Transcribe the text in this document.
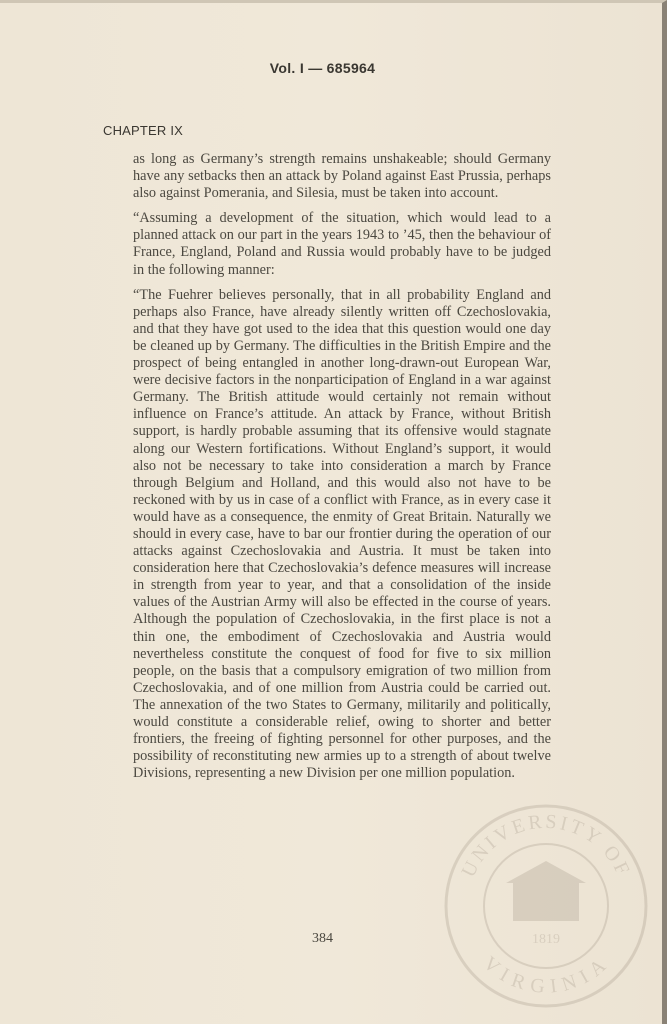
Vol. I — 685964
CHAPTER IX

as long as Germany’s strength remains unshakeable; should Germany have any setbacks then an attack by Poland against East Prussia, perhaps also against Pomerania, and Silesia, must be taken into account.

“Assuming a development of the situation, which would lead to a planned attack on our part in the years 1943 to ’45, then the behaviour of France, England, Poland and Russia would probably have to be judged in the following manner:

“The Fuehrer believes personally, that in all probability England and perhaps also France, have already silently written off Czechoslovakia, and that they have got used to the idea that this question would one day be cleaned up by Germany. The difficulties in the British Empire and the prospect of being entangled in another long-drawn-out European War, were decisive factors in the nonparticipation of England in a war against Germany. The British attitude would certainly not remain without influence on France’s attitude. An attack by France, without British support, is hardly probable assuming that its offensive would stagnate along our Western fortifications. Without England’s support, it would also not be necessary to take into consideration a march by France through Belgium and Holland, and this would also not have to be reckoned with by us in case of a conflict with France, as in every case it would have as a consequence, the enmity of Great Britain. Naturally we should in every case, have to bar our frontier during the operation of our attacks against Czechoslovakia and Austria. It must be taken into consideration here that Czechoslovakia’s defence measures will increase in strength from year to year, and that a consolidation of the inside values of the Austrian Army will also be effected in the course of years. Although the population of Czechoslovakia, in the first place is not a thin one, the embodiment of Czechoslovakia and Austria would nevertheless constitute the conquest of food for five to six million people, on the basis that a compulsory emigration of two million from Czechoslovakia, and of one million from Austria could be carried out. The annexation of the two States to Germany, militarily and politically, would constitute a considerable relief, owing to shorter and better frontiers, the freeing of fighting personnel for other purposes, and the possibility of reconstituting new armies up to a strength of about twelve Divisions, representing a new Division per one million population.

384
UNIVERSITY OF
VIRGINIA
1819
